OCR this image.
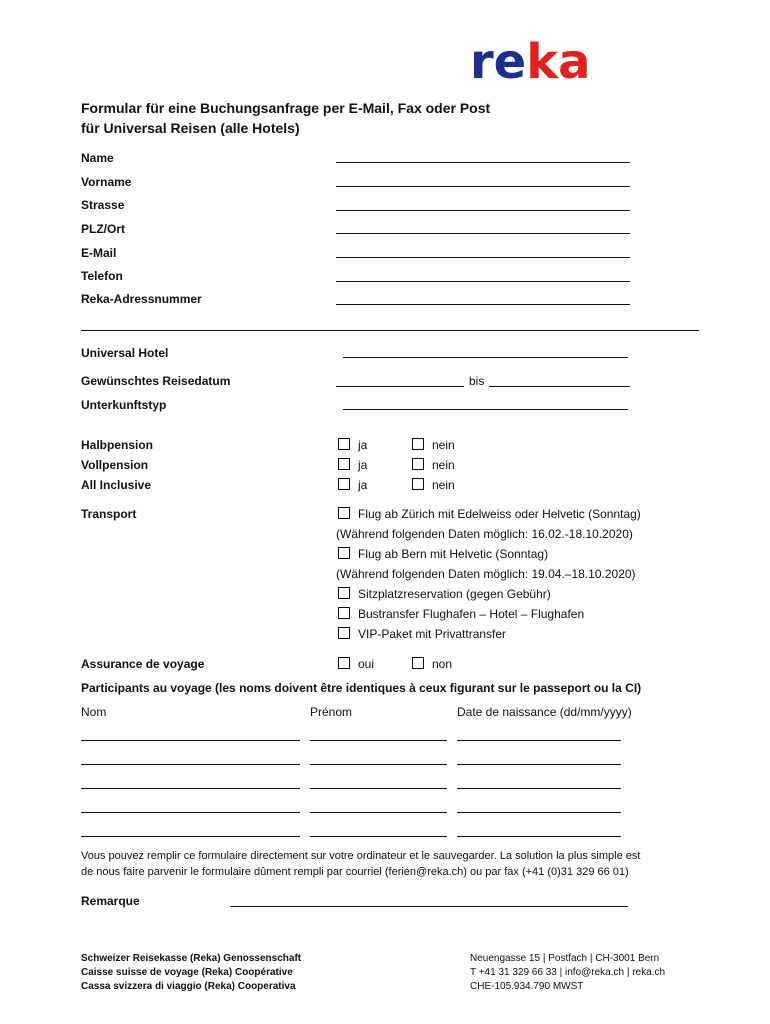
reka
Formular für eine Buchungsanfrage per E-Mail, Fax oder Post
für Universal Reisen (alle Hotels)
Name
Vorname
Strasse
PLZ/Ort
E-Mail
Telefon
Reka-Adressnummer
Universal Hotel
Gewünschtes Reisedatum	bis
Unterkunftstyp
Halbpension	ja	nein
Vollpension	ja	nein
All Inclusive	ja	nein
Transport	Flug ab Zürich mit Edelweiss oder Helvetic (Sonntag)
(Während folgenden Daten möglich: 16.02.-18.10.2020)
Flug ab Bern mit Helvetic (Sonntag)
(Während folgenden Daten möglich: 19.04.–18.10.2020)
Sitzplatzreservation (gegen Gebühr)
Bustransfer Flughafen – Hotel – Flughafen
VIP-Paket mit Privattransfer
Assurance de voyage	oui	non
Participants au voyage (les noms doivent être identiques à ceux figurant sur le passeport ou la CI)
Nom	Prénom	Date de naissance (dd/mm/yyyy)
Vous pouvez remplir ce formulaire directement sur votre ordinateur et le sauvegarder. La solution la plus simple est
de nous faire parvenir le formulaire dûment rempli par courriel (ferien@reka.ch) ou par fax (+41 (0)31 329 66 01)
Remarque
Schweizer Reisekasse (Reka) Genossenschaft
Caisse suisse de voyage (Reka) Coopérative
Cassa svizzera di viaggio (Reka) Cooperativa
Neuengasse 15 | Postfach | CH-3001 Bern
T +41 31 329 66 33 | info@reka.ch | reka.ch
CHE-105.934.790 MWST
